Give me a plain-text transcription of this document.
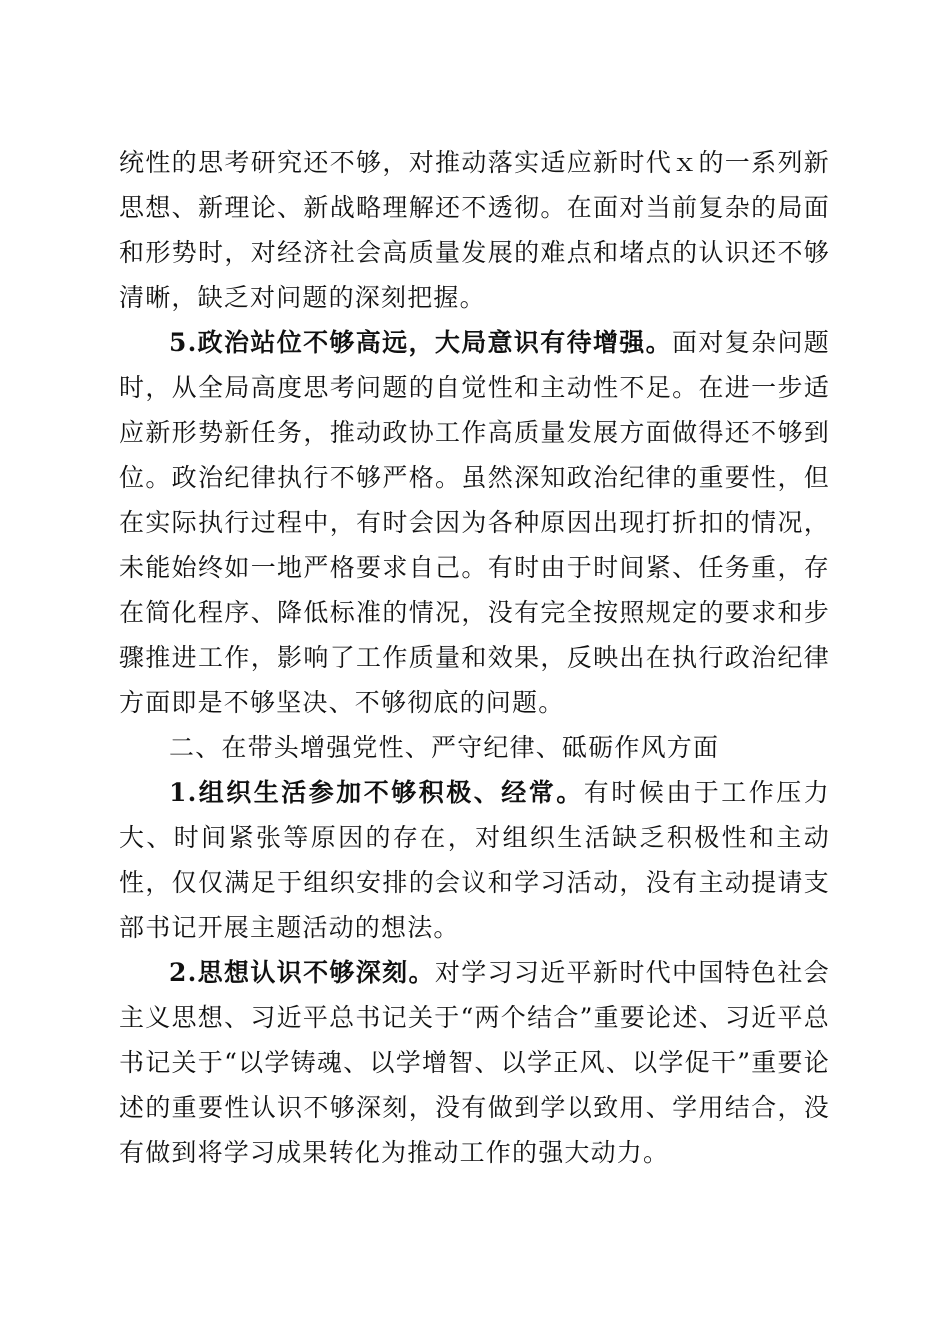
统性的思考研究还不够，对推动落实适应新时代ｘ的一系列新思想、新理论、新战略理解还不透彻。在面对当前复杂的局面和形势时，对经济社会高质量发展的难点和堵点的认识还不够清晰，缺乏对问题的深刻把握。

5.政治站位不够高远，大局意识有待增强。面对复杂问题时，从全局高度思考问题的自觉性和主动性不足。在进一步适应新形势新任务，推动政协工作高质量发展方面做得还不够到位。政治纪律执行不够严格。虽然深知政治纪律的重要性，但在实际执行过程中，有时会因为各种原因出现打折扣的情况，未能始终如一地严格要求自己。有时由于时间紧、任务重，存在简化程序、降低标准的情况，没有完全按照规定的要求和步骤推进工作，影响了工作质量和效果，反映出在执行政治纪律方面即是不够坚决、不够彻底的问题。

二、在带头增强党性、严守纪律、砥砺作风方面

1.组织生活参加不够积极、经常。有时候由于工作压力大、时间紧张等原因的存在，对组织生活缺乏积极性和主动性，仅仅满足于组织安排的会议和学习活动，没有主动提请支部书记开展主题活动的想法。

2.思想认识不够深刻。对学习习近平新时代中国特色社会主义思想、习近平总书记关于“两个结合”重要论述、习近平总书记关于“以学铸魂、以学增智、以学正风、以学促干”重要论述的重要性认识不够深刻，没有做到学以致用、学用结合，没有做到将学习成果转化为推动工作的强大动力。
